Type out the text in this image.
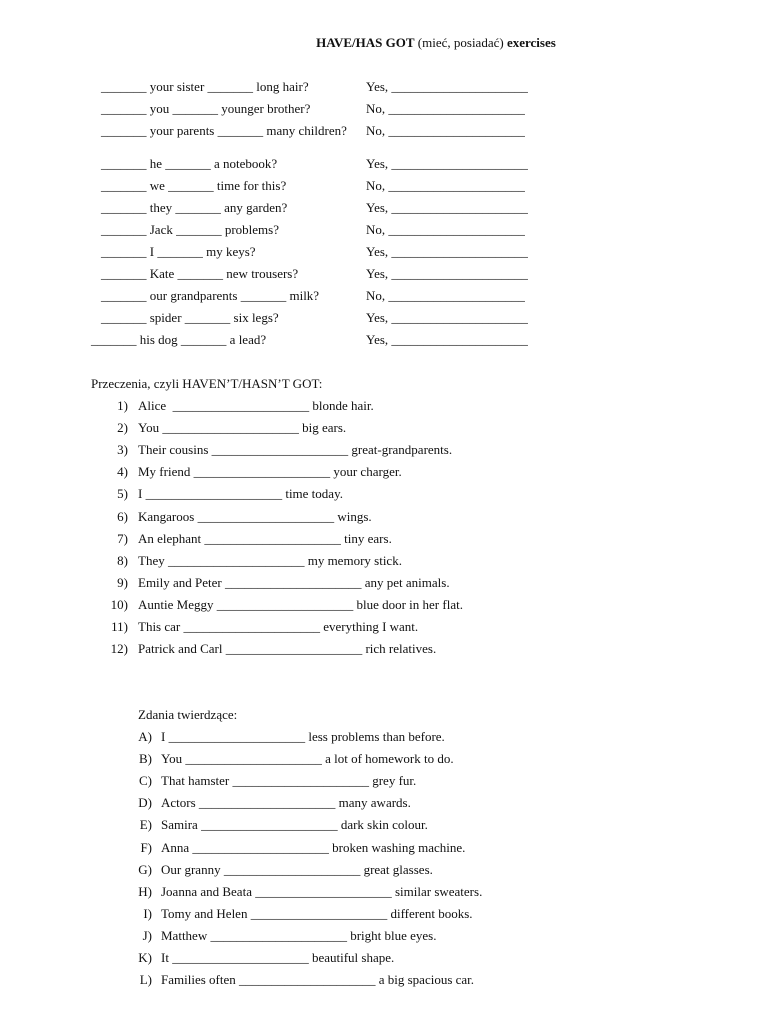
HAVE/HAS GOT (mieć, posiadać) exercises
_______ your sister _______ long hair?	Yes, _____________________
_______ you _______ younger brother?	No, _____________________
_______ your parents _______ many children? No, _____________________
_______ he _______ a notebook?	Yes, _____________________
_______ we _______ time for this?	No, _____________________
_______ they _______ any garden?	Yes, _____________________
_______ Jack _______ problems?	No, _____________________
_______ I _______ my keys?	Yes, _____________________
_______ Kate _______ new trousers?	Yes, _____________________
_______ our grandparents _______ milk?	No, _____________________
_______ spider _______ six legs?	Yes, _____________________
_______ his dog _______ a lead?	Yes, _____________________
Przeczenia, czyli HAVEN’T/HASN’T GOT:
1) Alice  _____________________ blonde hair.
2) You _____________________ big ears.
3) Their cousins _____________________ great-grandparents.
4) My friend _____________________ your charger.
5) I _____________________ time today.
6) Kangaroos _____________________ wings.
7) An elephant _____________________ tiny ears.
8) They _____________________ my memory stick.
9) Emily and Peter _____________________ any pet animals.
10) Auntie Meggy _____________________ blue door in her flat.
11) This car _____________________ everything I want.
12) Patrick and Carl _____________________ rich relatives.
Zdania twierdzące:
A) I _____________________ less problems than before.
B) You _____________________ a lot of homework to do.
C) That hamster _____________________ grey fur.
D) Actors _____________________ many awards.
E) Samira _____________________ dark skin colour.
F) Anna _____________________ broken washing machine.
G) Our granny _____________________ great glasses.
H) Joanna and Beata _____________________ similar sweaters.
I) Tomy and Helen _____________________ different books.
J) Matthew _____________________ bright blue eyes.
K) It _____________________ beautiful shape.
L) Families often _____________________ a big spacious car.
